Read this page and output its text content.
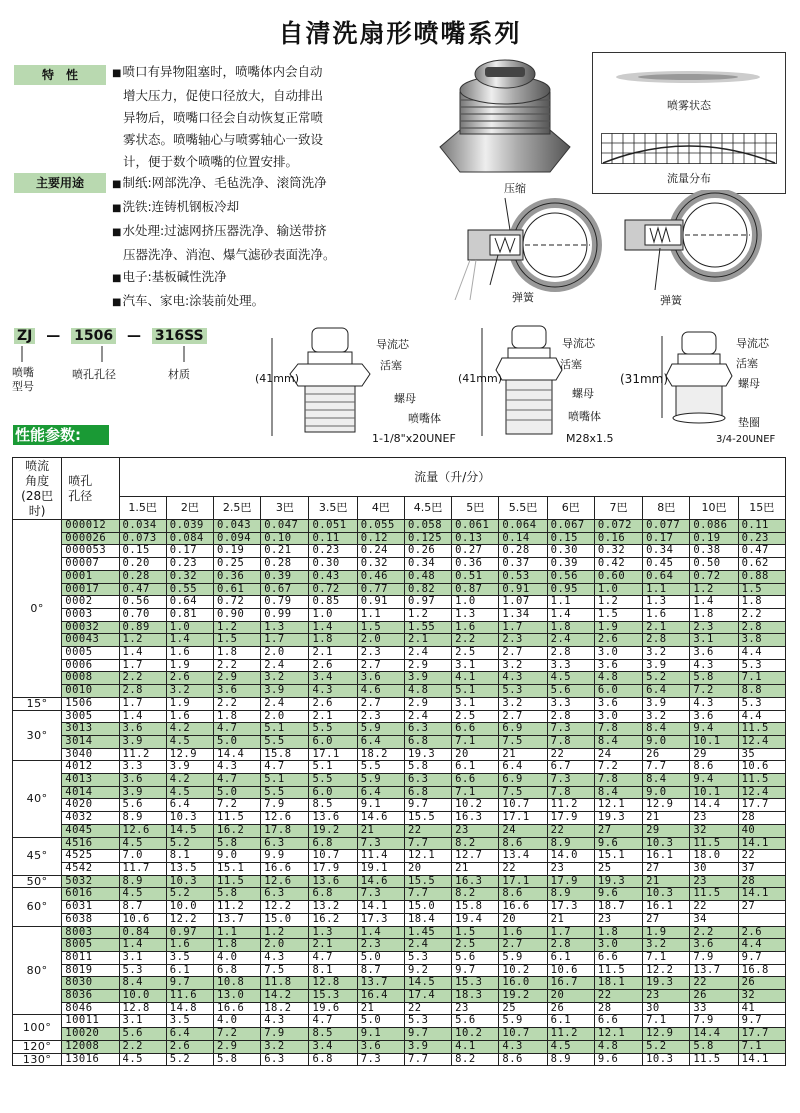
自清洗扇形喷嘴系列
特　性	■ 喷口有异物阻塞时，喷嘴体内会自动
增大压力，促使口径放大，自动排出
异物后，喷嘴口径会自动恢复正常喷
雾状态。喷嘴轴心与喷雾轴心一致设
计，便于数个喷嘴的位置安排。
主要用途	■ 制纸:网部洗净、毛毡洗净、滚筒洗净
■ 洗铁:连铸机钢板冷却
■ 水处理:过滤网挤压器洗净、输送带挤
压器洗净、消泡、爆气滤砂表面洗净。
■ 电子:基板碱性洗净
■ 汽车、家电:涂装前处理。
喷雾状态
流量分布
压缩
弹簧	弹簧
ZJ — 1506 — 316SS
喷嘴
型号
喷孔孔径	材质	(41mm)
导流芯
活塞
螺母
喷嘴体
1-1/8"x20UNEF
(41mm)
导流芯
活塞
螺母
喷嘴体
M28x1.5
(31mm)
导流芯
活塞
螺母
垫圈
3/4-20UNEF
性能参数:
喷流
角度
(28巴
时)	喷孔
孔径	流量（升/分）													
		1.5巴	2巴	2.5巴	3巴	3.5巴	4巴	4.5巴	5巴	5.5巴	6巴	7巴	8巴	10巴	15巴
0°	000012	0.034	0.039	0.043	0.047	0.051	0.055	0.058	0.061	0.064	0.067	0.072	0.077	0.086	0.11
	000026	0.073	0.084	0.094	0.10	0.11	0.12	0.125	0.13	0.14	0.15	0.16	0.17	0.19	0.23
	000053	0.15	0.17	0.19	0.21	0.23	0.24	0.26	0.27	0.28	0.30	0.32	0.34	0.38	0.47
	00007	0.20	0.23	0.25	0.28	0.30	0.32	0.34	0.36	0.37	0.39	0.42	0.45	0.50	0.62
	0001	0.28	0.32	0.36	0.39	0.43	0.46	0.48	0.51	0.53	0.56	0.60	0.64	0.72	0.88
	00017	0.47	0.55	0.61	0.67	0.72	0.77	0.82	0.87	0.91	0.95	1.0	1.1	1.2	1.5
	0002	0.56	0.64	0.72	0.79	0.85	0.91	0.97	1.0	1.07	1.1	1.2	1.3	1.4	1.8
	0003	0.70	0.81	0.90	0.99	1.0	1.1	1.2	1.3	1.34	1.4	1.5	1.6	1.8	2.2
	00032	0.89	1.0	1.2	1.3	1.4	1.5	1.55	1.6	1.7	1.8	1.9	2.1	2.3	2.8
	00043	1.2	1.4	1.5	1.7	1.8	2.0	2.1	2.2	2.3	2.4	2.6	2.8	3.1	3.8
	0005	1.4	1.6	1.8	2.0	2.1	2.3	2.4	2.5	2.7	2.8	3.0	3.2	3.6	4.4
	0006	1.7	1.9	2.2	2.4	2.6	2.7	2.9	3.1	3.2	3.3	3.6	3.9	4.3	5.3
	0008	2.2	2.6	2.9	3.2	3.4	3.6	3.9	4.1	4.3	4.5	4.8	5.2	5.8	7.1
	0010	2.8	3.2	3.6	3.9	4.3	4.6	4.8	5.1	5.3	5.6	6.0	6.4	7.2	8.8
15°	1506	1.7	1.9	2.2	2.4	2.6	2.7	2.9	3.1	3.2	3.3	3.6	3.9	4.3	5.3
30°	3005	1.4	1.6	1.8	2.0	2.1	2.3	2.4	2.5	2.7	2.8	3.0	3.2	3.6	4.4
	3013	3.6	4.2	4.7	5.1	5.5	5.9	6.3	6.6	6.9	7.3	7.8	8.4	9.4	11.5
	3014	3.9	4.5	5.0	5.5	6.0	6.4	6.8	7.1	7.5	7.8	8.4	9.0	10.1	12.4
	3040	11.2	12.9	14.4	15.8	17.1	18.2	19.3	20	21	22	24	26	29	35
40°	4012	3.3	3.9	4.3	4.7	5.1	5.5	5.8	6.1	6.4	6.7	7.2	7.7	8.6	10.6
	4013	3.6	4.2	4.7	5.1	5.5	5.9	6.3	6.6	6.9	7.3	7.8	8.4	9.4	11.5
	4014	3.9	4.5	5.0	5.5	6.0	6.4	6.8	7.1	7.5	7.8	8.4	9.0	10.1	12.4
	4020	5.6	6.4	7.2	7.9	8.5	9.1	9.7	10.2	10.7	11.2	12.1	12.9	14.4	17.7
	4032	8.9	10.3	11.5	12.6	13.6	14.6	15.5	16.3	17.1	17.9	19.3	21	23	28
	4045	12.6	14.5	16.2	17.8	19.2	21	22	23	24	22	27	29	32	40
45°	4516	4.5	5.2	5.8	6.3	6.8	7.3	7.7	8.2	8.6	8.9	9.6	10.3	11.5	14.1
	4525	7.0	8.1	9.0	9.9	10.7	11.4	12.1	12.7	13.4	14.0	15.1	16.1	18.0	22
	4542	11.7	13.5	15.1	16.6	17.9	19.1	20	21	22	23	25	27	30	37
50°	5032	8.9	10.3	11.5	12.6	13.6	14.6	15.5	16.3	17.1	17.9	19.3	21	23	28
60°	6016	4.5	5.2	5.8	6.3	6.8	7.3	7.7	8.2	8.6	8.9	9.6	10.3	11.5	14.1
	6031	8.7	10.0	11.2	12.2	13.2	14.1	15.0	15.8	16.6	17.3	18.7	16.1	22	27
	6038	10.6	12.2	13.7	15.0	16.2	17.3	18.4	19.4	20	21	23	27	34	
80°	8003	0.84	0.97	1.1	1.2	1.3	1.4	1.45	1.5	1.6	1.7	1.8	1.9	2.2	2.6
	8005	1.4	1.6	1.8	2.0	2.1	2.3	2.4	2.5	2.7	2.8	3.0	3.2	3.6	4.4
	8011	3.1	3.5	4.0	4.3	4.7	5.0	5.3	5.6	5.9	6.1	6.6	7.1	7.9	9.7
	8019	5.3	6.1	6.8	7.5	8.1	8.7	9.2	9.7	10.2	10.6	11.5	12.2	13.7	16.8
	8030	8.4	9.7	10.8	11.8	12.8	13.7	14.5	15.3	16.0	16.7	18.1	19.3	22	26
	8036	10.0	11.6	13.0	14.2	15.3	16.4	17.4	18.3	19.2	20	22	23	26	32
	8046	12.8	14.8	16.6	18.2	19.6	21	22	23	25	26	28	30	33	41
100°	10011	3.1	3.5	4.0	4.3	4.7	5.0	5.3	5.6	5.9	6.1	6.6	7.1	7.9	9.7
	10020	5.6	6.4	7.2	7.9	8.5	9.1	9.7	10.2	10.7	11.2	12.1	12.9	14.4	17.7
120°	12008	2.2	2.6	2.9	3.2	3.4	3.6	3.9	4.1	4.3	4.5	4.8	5.2	5.8	7.1
130°	13016	4.5	5.2	5.8	6.3	6.8	7.3	7.7	8.2	8.6	8.9	9.6	10.3	11.5	14.1
